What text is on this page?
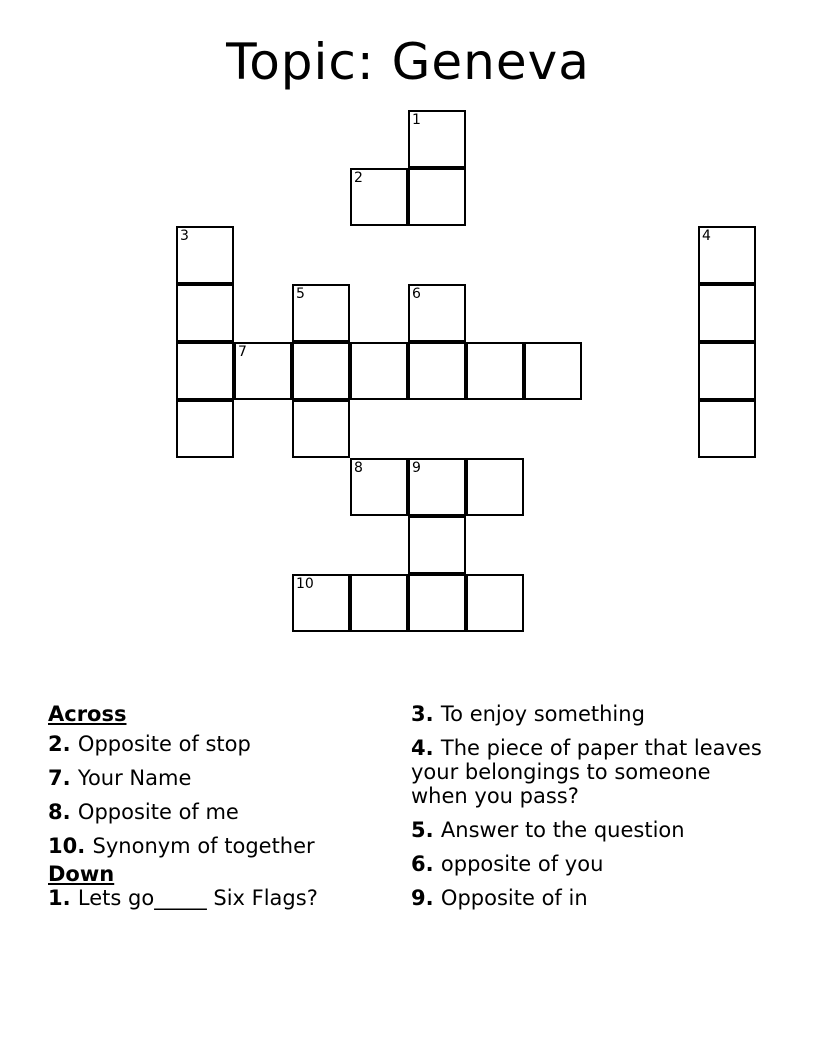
Topic: Geneva
1
2
3	4
5	6
7
8	9
10
Across
2. Opposite of stop
7. Your Name
8. Opposite of me
10. Synonym of together
Down
1. Lets go_____ Six Flags?
3. To enjoy something
4. The piece of paper that leaves your belongings to someone when you pass?
5. Answer to the question
6. opposite of you
9. Opposite of in
